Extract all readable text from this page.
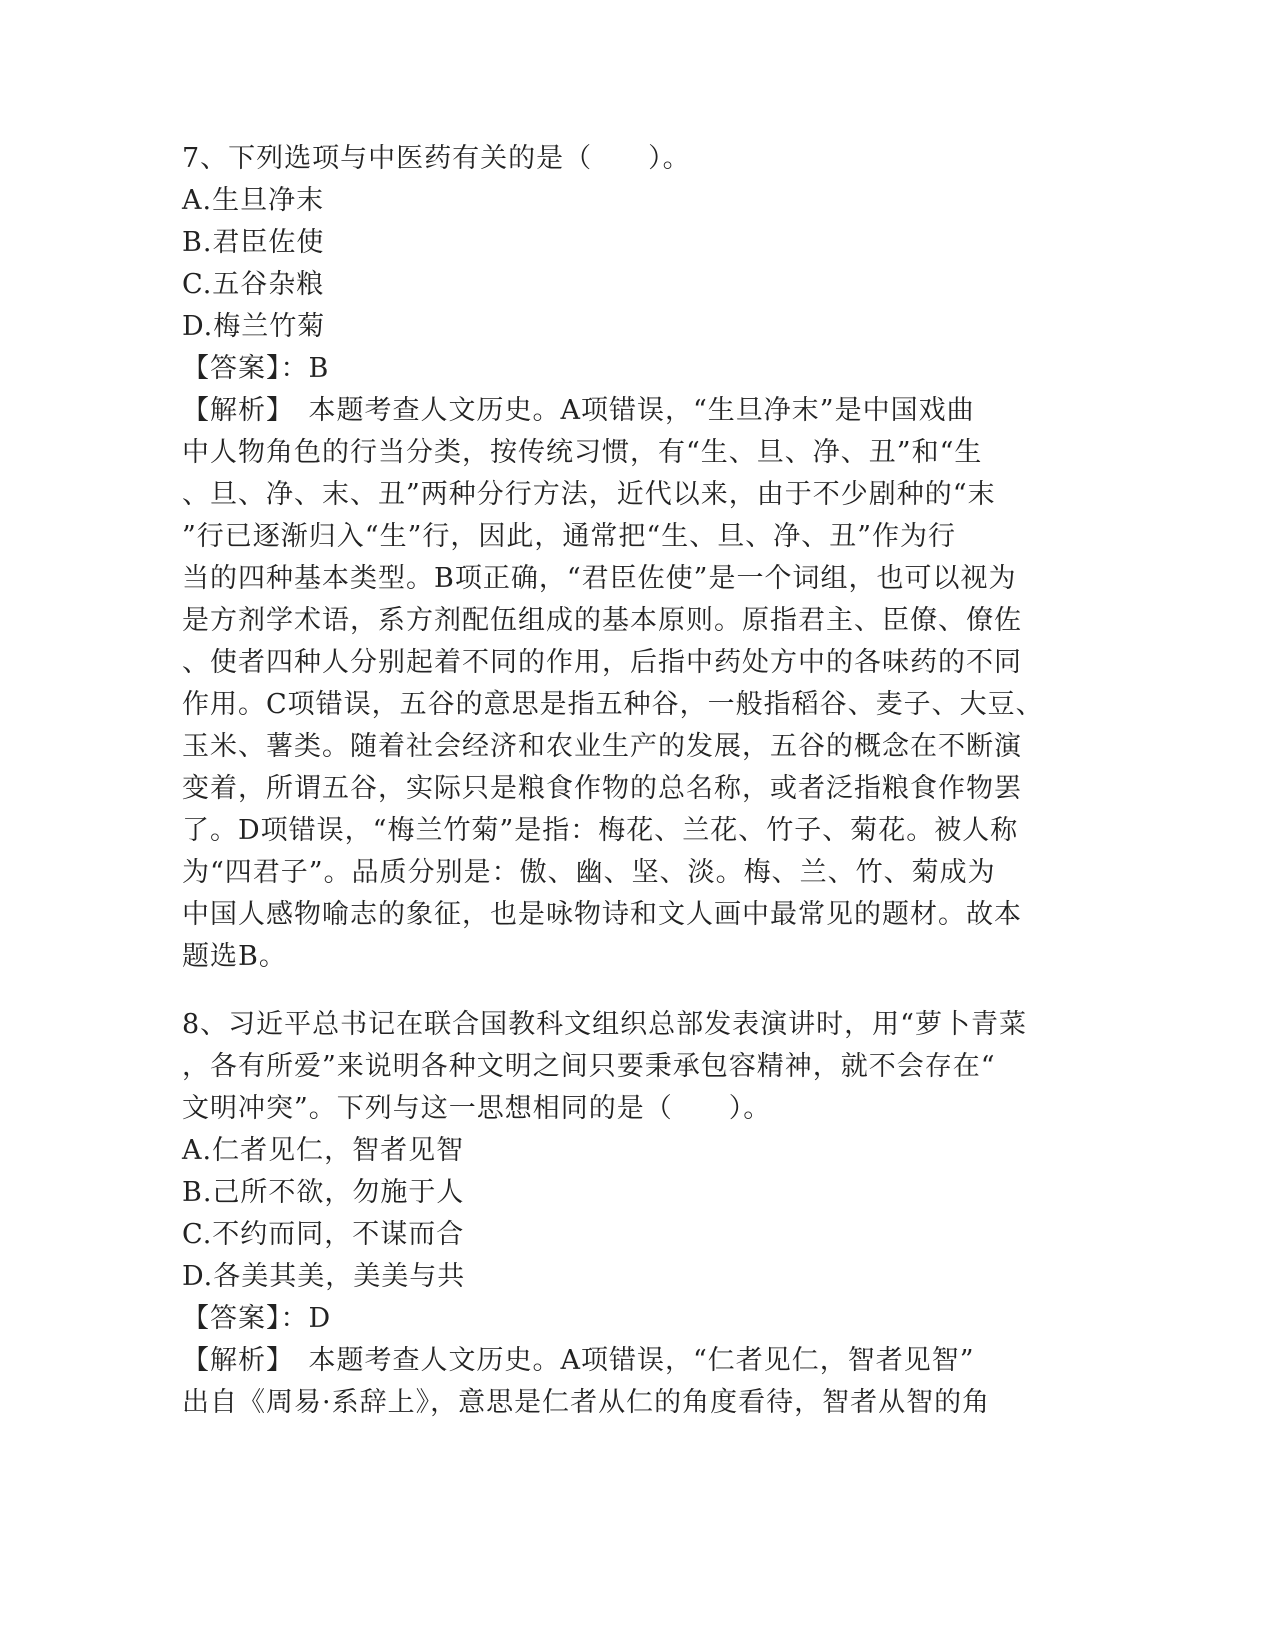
7、下列选项与中医药有关的是（　　）。
A.生旦净末
B.君臣佐使
C.五谷杂粮
D.梅兰竹菊
【答案】：B
【解析】　本题考查人文历史。A项错误，“生旦净末”是中国戏曲
中人物角色的行当分类，按传统习惯，有“生、旦、净、丑”和“生
、旦、净、末、丑”两种分行方法，近代以来，由于不少剧种的“末
”行已逐渐归入“生”行，因此，通常把“生、旦、净、丑”作为行
当的四种基本类型。B项正确，“君臣佐使”是一个词组，也可以视为
是方剂学术语，系方剂配伍组成的基本原则。原指君主、臣僚、僚佐
、使者四种人分别起着不同的作用，后指中药处方中的各味药的不同
作用。C项错误，五谷的意思是指五种谷，一般指稻谷、麦子、大豆、
玉米、薯类。随着社会经济和农业生产的发展，五谷的概念在不断演
变着，所谓五谷，实际只是粮食作物的总名称，或者泛指粮食作物罢
了。D项错误，“梅兰竹菊”是指：梅花、兰花、竹子、菊花。被人称
为“四君子”。品质分别是：傲、幽、坚、淡。梅、兰、竹、菊成为
中国人感物喻志的象征，也是咏物诗和文人画中最常见的题材。故本
题选B。
8、习近平总书记在联合国教科文组织总部发表演讲时，用“萝卜青菜
，各有所爱”来说明各种文明之间只要秉承包容精神，就不会存在“
文明冲突”。下列与这一思想相同的是（　　）。
A.仁者见仁，智者见智
B.己所不欲，勿施于人
C.不约而同，不谋而合
D.各美其美，美美与共
【答案】：D
【解析】　本题考查人文历史。A项错误，“仁者见仁，智者见智”
出自《周易·系辞上》，意思是仁者从仁的角度看待，智者从智的角
